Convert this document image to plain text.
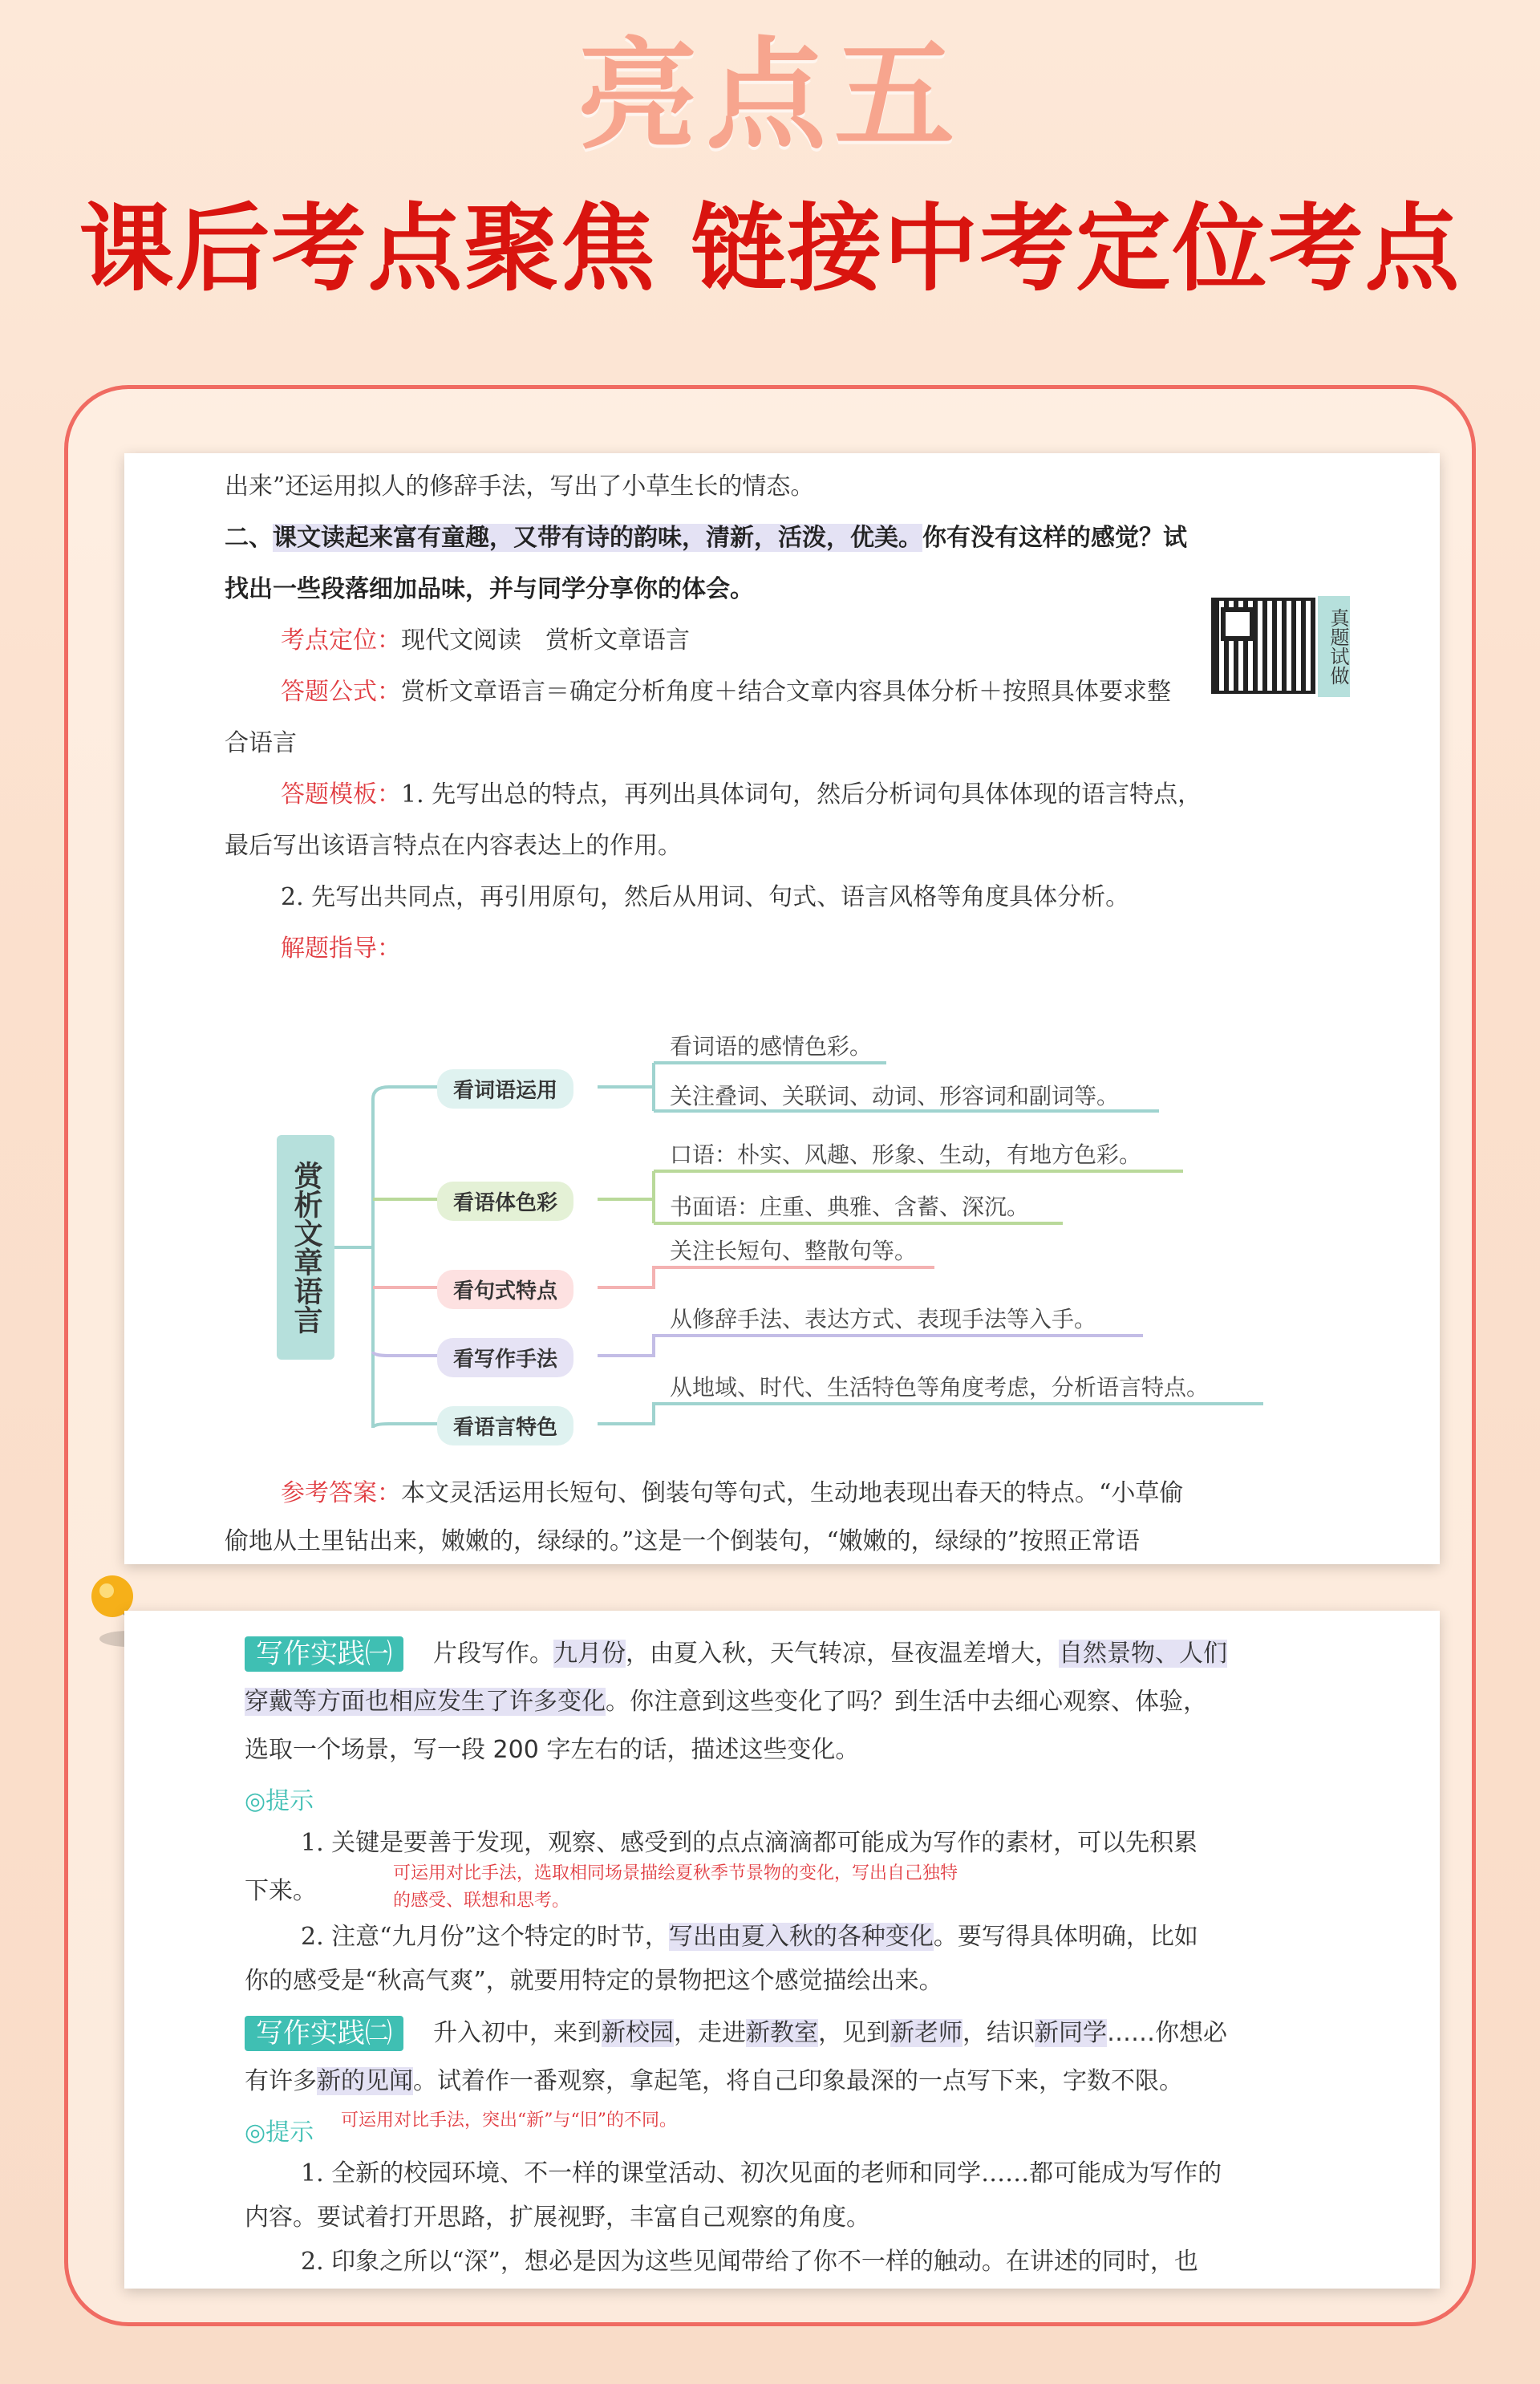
亮点五
课后考点聚焦 链接中考定位考点
出来”还运用拟人的修辞手法，写出了小草生长的情态。
二、课文读起来富有童趣，又带有诗的韵味，清新，活泼，优美。你有没有这样的感觉？试
找出一些段落细加品味，并与同学分享你的体会。
真题试做
考点定位：现代文阅读　赏析文章语言
答题公式：赏析文章语言＝确定分析角度＋结合文章内容具体分析＋按照具体要求整
合语言
答题模板：1. 先写出总的特点，再列出具体词句，然后分析词句具体体现的语言特点，
最后写出该语言特点在内容表达上的作用。
2. 先写出共同点，再引用原句，然后从用词、句式、语言风格等角度具体分析。
解题指导：
赏析文章语言
看词语运用
看词语的感情色彩。
关注叠词、关联词、动词、形容词和副词等。
看语体色彩
口语：朴实、风趣、形象、生动，有地方色彩。
书面语：庄重、典雅、含蓄、深沉。
看句式特点
关注长短句、整散句等。
看写作手法
从修辞手法、表达方式、表现手法等入手。
看语言特色
从地域、时代、生活特色等角度考虑，分析语言特点。
参考答案：本文灵活运用长短句、倒装句等句式，生动地表现出春天的特点。“小草偷
偷地从土里钻出来，嫩嫩的，绿绿的。”这是一个倒装句，“嫩嫩的，绿绿的”按照正常语
写作实践㈠	片段写作。九月份，由夏入秋，天气转凉，昼夜温差增大，自然景物、人们
穿戴等方面也相应发生了许多变化。你注意到这些变化了吗？到生活中去细心观察、体验，
选取一个场景，写一段 200 字左右的话，描述这些变化。
◎提示
1. 关键是要善于发现，观察、感受到的点点滴滴都可能成为写作的素材，可以先积累
下来。
可运用对比手法，选取相同场景描绘夏秋季节景物的变化，写出自己独特
的感受、联想和思考。
2. 注意“九月份”这个特定的时节，写出由夏入秋的各种变化。要写得具体明确，比如
你的感受是“秋高气爽”，就要用特定的景物把这个感觉描绘出来。
写作实践㈡	升入初中，来到新校园，走进新教室，见到新老师，结识新同学……你想必
有许多新的见闻。试着作一番观察，拿起笔，将自己印象最深的一点写下来，字数不限。
◎提示 可运用对比手法，突出“新”与“旧”的不同。
1. 全新的校园环境、不一样的课堂活动、初次见面的老师和同学……都可能成为写作的
内容。要试着打开思路，扩展视野，丰富自己观察的角度。
2. 印象之所以“深”，想必是因为这些见闻带给了你不一样的触动。在讲述的同时，也
